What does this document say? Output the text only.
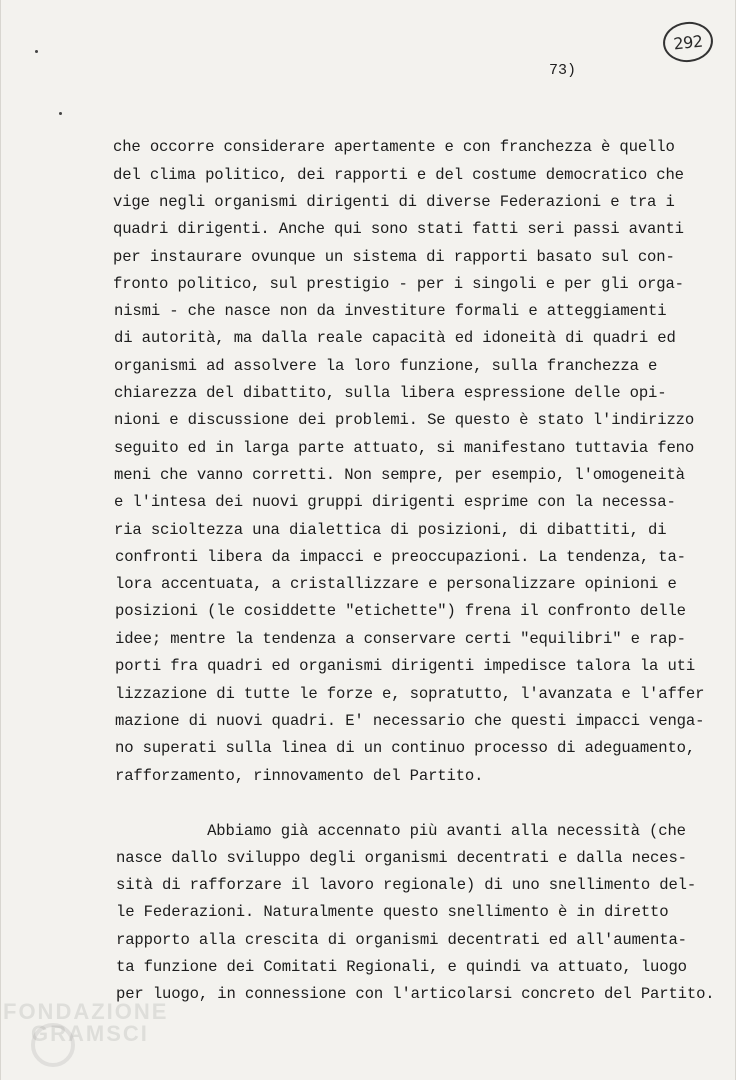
292
73)
che occorre considerare apertamente e con franchezza è quello
del clima politico, dei rapporti e del costume democratico che
vige negli organismi dirigenti di diverse Federazioni e tra i
quadri dirigenti. Anche qui sono stati fatti seri passi avanti
per instaurare ovunque un sistema di rapporti basato sul con-
fronto politico, sul prestigio - per i singoli e per gli orga-
nismi - che nasce non da investiture formali e atteggiamenti
di autorità, ma dalla reale capacità ed idoneità di quadri ed
organismi ad assolvere la loro funzione, sulla franchezza e
chiarezza del dibattito, sulla libera espressione delle opi-
nioni e discussione dei problemi. Se questo è stato l'indirizzo
seguito ed in larga parte attuato, si manifestano tuttavia feno
meni che vanno corretti. Non sempre, per esempio, l'omogeneità
e l'intesa dei nuovi gruppi dirigenti esprime con la necessa-
ria scioltezza una dialettica di posizioni, di dibattiti, di
confronti libera da impacci e preoccupazioni. La tendenza, ta-
lora accentuata, a cristallizzare e personalizzare opinioni e
posizioni (le cosiddette "etichette") frena il confronto delle
idee; mentre la tendenza a conservare certi "equilibri" e rap-
porti fra quadri ed organismi dirigenti impedisce talora la uti
lizzazione di tutte le forze e, sopratutto, l'avanzata e l'affer
mazione di nuovi quadri. E' necessario che questi impacci venga-
no superati sulla linea di un continuo processo di adeguamento,
rafforzamento, rinnovamento del Partito.
Abbiamo già accennato più avanti alla necessità (che
nasce dallo sviluppo degli organismi decentrati e dalla neces-
sità di rafforzare il lavoro regionale) di uno snellimento del-
le Federazioni. Naturalmente questo snellimento è in diretto
rapporto alla crescita di organismi decentrati ed all'aumenta-
ta funzione dei Comitati Regionali, e quindi va attuato, luogo
per luogo, in connessione con l'articolarsi concreto del Partito.
FONDAZIONE
GRAMSCI
